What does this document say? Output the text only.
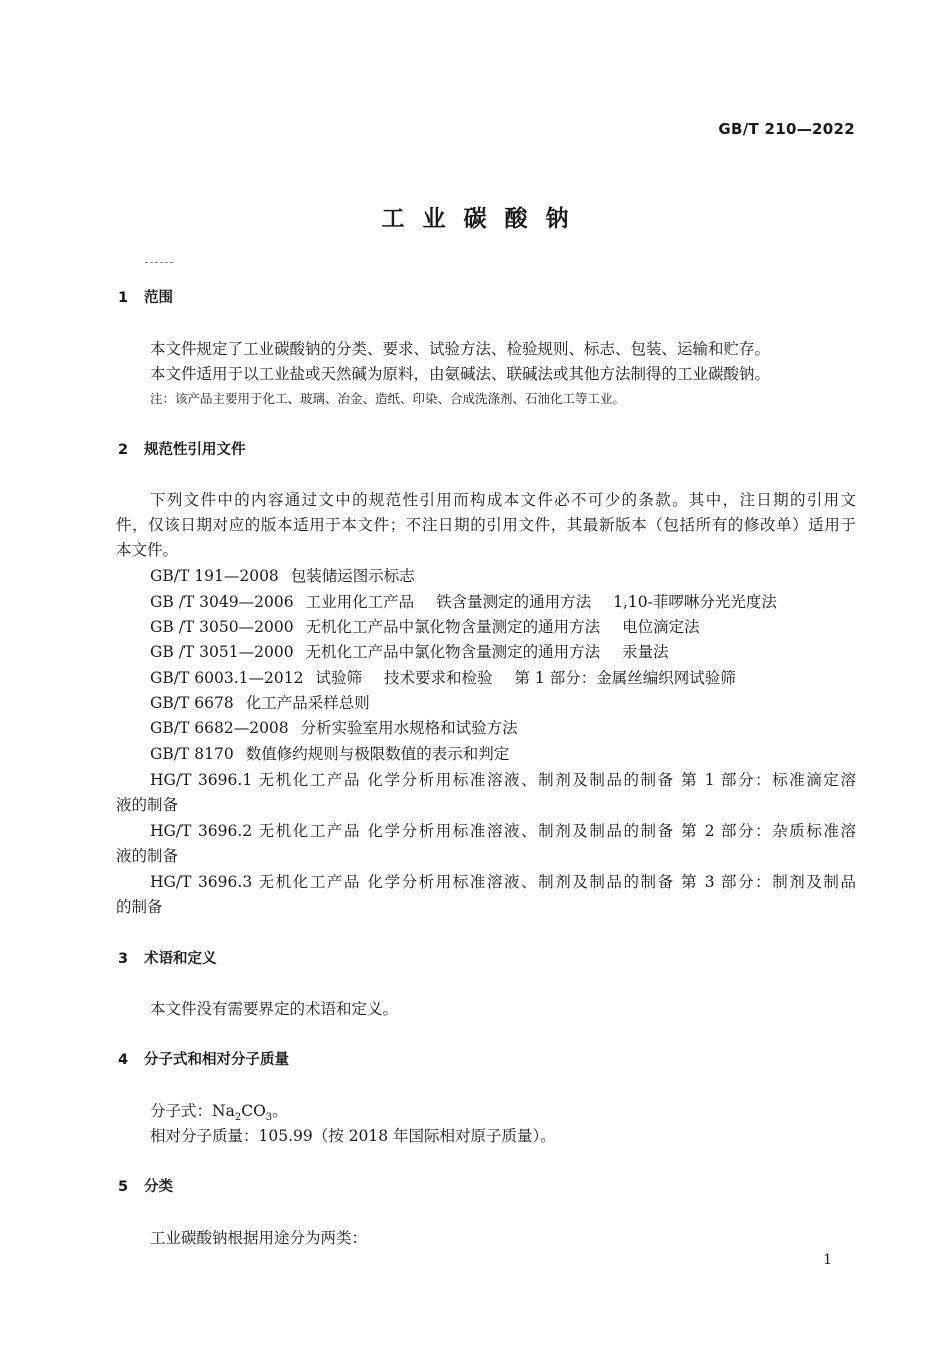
GB/T 210—2022
工业碳酸钠
1 范围
本文件规定了工业碳酸钠的分类、要求、试验方法、检验规则、标志、包装、运输和贮存。
本文件适用于以工业盐或天然碱为原料，由氨碱法、联碱法或其他方法制得的工业碳酸钠。
注：该产品主要用于化工、玻璃、冶金、造纸、印染、合成洗涤剂、石油化工等工业。
2 规范性引用文件
下列文件中的内容通过文中的规范性引用而构成本文件必不可少的条款。其中，注日期的引用文
件，仅该日期对应的版本适用于本文件；不注日期的引用文件，其最新版本（包括所有的修改单）适用于
本文件。
GB/T 191—2008 包装储运图示标志
GB /T 3049—2006 工业用化工产品 铁含量测定的通用方法 1,10-菲啰啉分光光度法
GB /T 3050—2000 无机化工产品中氯化物含量测定的通用方法 电位滴定法
GB /T 3051—2000 无机化工产品中氯化物含量测定的通用方法 汞量法
GB/T 6003.1—2012 试验筛 技术要求和检验 第 1 部分：金属丝编织网试验筛
GB/T 6678 化工产品采样总则
GB/T 6682—2008 分析实验室用水规格和试验方法
GB/T 8170 数值修约规则与极限数值的表示和判定
HG/T 3696.1 无机化工产品 化学分析用标准溶液、制剂及制品的制备 第 1 部分：标准滴定溶
液的制备
HG/T 3696.2 无机化工产品 化学分析用标准溶液、制剂及制品的制备 第 2 部分：杂质标准溶
液的制备
HG/T 3696.3 无机化工产品 化学分析用标准溶液、制剂及制品的制备 第 3 部分：制剂及制品
的制备
3 术语和定义
本文件没有需要界定的术语和定义。
4 分子式和相对分子质量
分子式：$Na_2CO_3$。
相对分子质量：105.99（按 2018 年国际相对原子质量）。
5 分类
工业碳酸钠根据用途分为两类：
1
